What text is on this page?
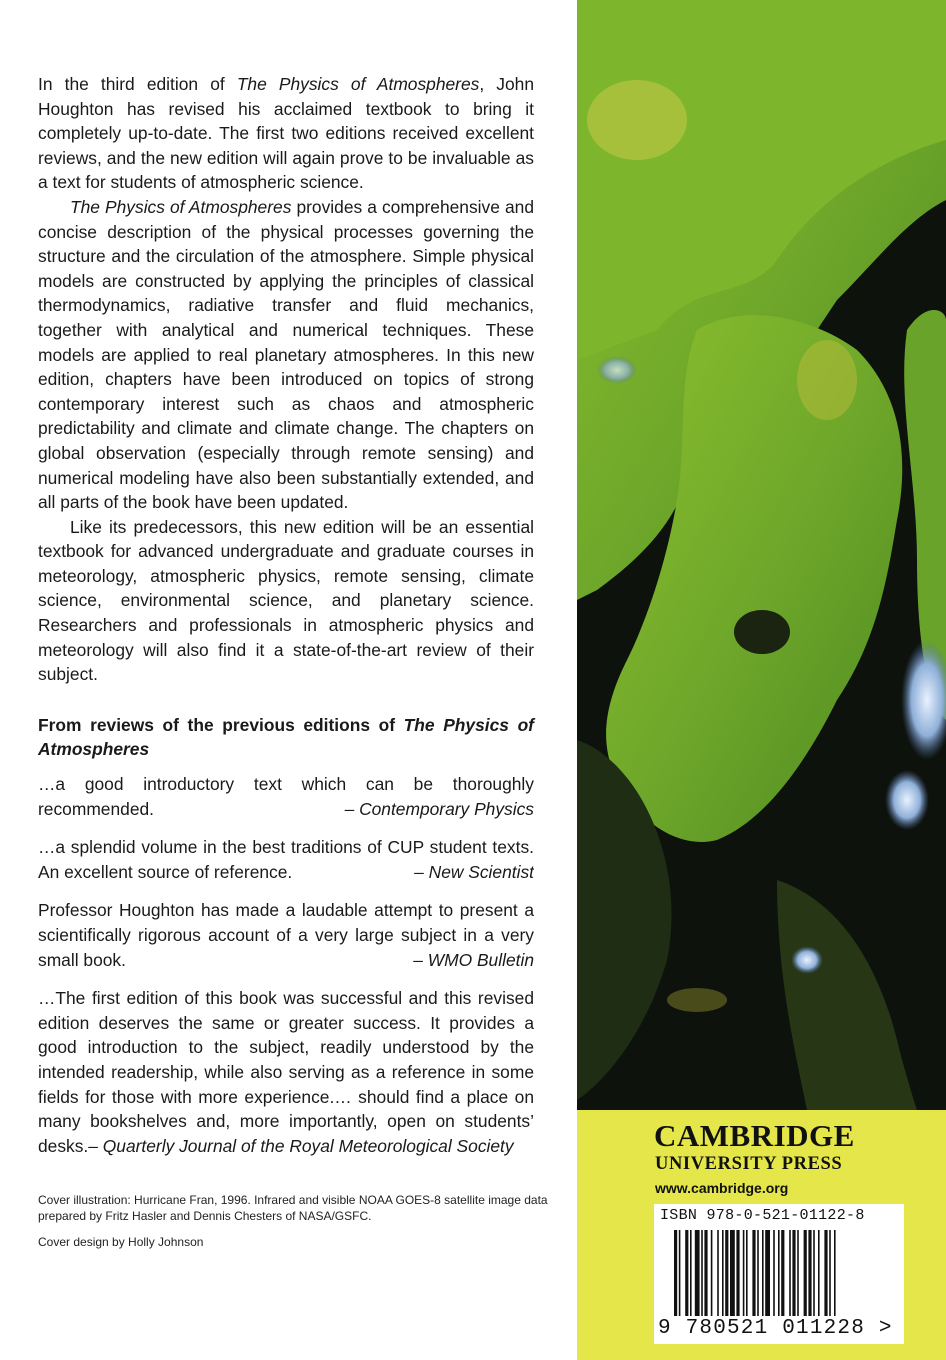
In the third edition of The Physics of Atmospheres, John Houghton has revised his acclaimed textbook to bring it completely up-to-date. The first two editions received excellent reviews, and the new edition will again prove to be invaluable as a text for students of atmospheric science.

The Physics of Atmospheres provides a comprehensive and concise description of the physical processes governing the structure and the circulation of the atmosphere. Simple physical models are constructed by applying the principles of classical thermodynamics, radiative transfer and fluid mechanics, together with analytical and numerical techniques. These models are applied to real planetary atmospheres. In this new edition, chapters have been introduced on topics of strong contemporary interest such as chaos and atmospheric predictability and climate and climate change. The chapters on global observation (especially through remote sensing) and numerical modeling have also been substantially extended, and all parts of the book have been updated.

Like its predecessors, this new edition will be an essential textbook for advanced undergraduate and graduate courses in meteorology, atmospheric physics, remote sensing, climate science, environmental science, and planetary science. Researchers and professionals in atmospheric physics and meteorology will also find it a state-of-the-art review of their subject.

From reviews of the previous editions of The Physics of Atmospheres

…a good introductory text which can be thoroughly recommended.	– Contemporary Physics
…a splendid volume in the best traditions of CUP student texts. An excellent source of reference.	– New Scientist
Professor Houghton has made a laudable attempt to present a scientifically rigorous account of a very large subject in a very small book.	– WMO Bulletin
…The first edition of this book was successful and this revised edition deserves the same or greater success. It provides a good introduction to the subject, readily understood by the intended readership, while also serving as a reference in some fields for those with more experience.… should find a place on many bookshelves and, more importantly, open on students’ desks.– Quarterly Journal of the Royal Meteorological Society

Cover illustration: Hurricane Fran, 1996. Infrared and visible NOAA GOES-8 satellite image data prepared by Fritz Hasler and Dennis Chesters of NASA/GSFC.

Cover design by Holly Johnson

CAMBRIDGE
UNIVERSITY PRESS
www.cambridge.org
ISBN 978-0-521-01122-8
9 780521 011228 >
